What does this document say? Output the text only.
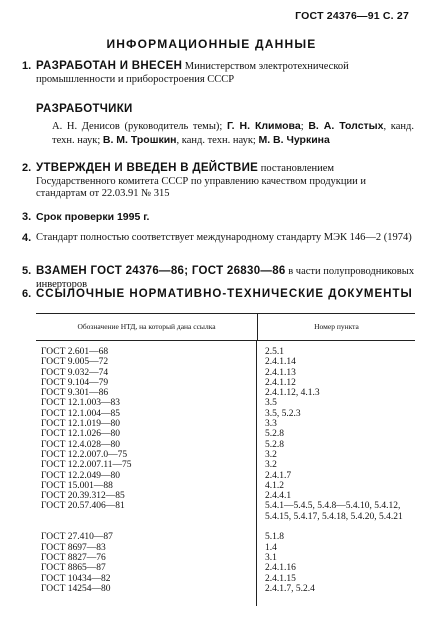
ГОСТ 24376—91 С. 27
ИНФОРМАЦИОННЫЕ ДАННЫЕ
1. РАЗРАБОТАН И ВНЕСЕН Министерством электротехнической промышленности и приборостроения СССР
РАЗРАБОТЧИКИ
А. Н. Денисов (руководитель темы); Г. Н. Климова; В. А. Толстых, канд. техн. наук; В. М. Трошкин, канд. техн. наук; М. В. Чуркина
2. УТВЕРЖДЕН И ВВЕДЕН В ДЕЙСТВИЕ постановлением Государственного комитета СССР по управлению качеством продукции и стандартам от 22.03.91 № 315
3. Срок проверки 1995 г.
4. Стандарт полностью соответствует международному стандарту МЭК 146—2 (1974)
5. ВЗАМЕН ГОСТ 24376—86; ГОСТ 26830—86 в части полупроводниковых инверторов
6. ССЫЛОЧНЫЕ НОРМАТИВНО-ТЕХНИЧЕСКИЕ ДОКУМЕНТЫ
Обозначение НТД, на который дана ссылка	Номер пункта
ГОСТ 2.601—68
ГОСТ 9.005—72
ГОСТ 9.032—74
ГОСТ 9.104—79
ГОСТ 9.301—86
ГОСТ 12.1.003—83
ГОСТ 12.1.004—85
ГОСТ 12.1.019—80
ГОСТ 12.1.026—80
ГОСТ 12.4.028—80
ГОСТ 12.2.007.0—75
ГОСТ 12.2.007.11—75
ГОСТ 12.2.049—80
ГОСТ 15.001—88
ГОСТ 20.39.312—85
ГОСТ 20.57.406—81
ГОСТ 27.410—87
ГОСТ 8697—83
ГОСТ 8827—76
ГОСТ 8865—87
ГОСТ 10434—82
ГОСТ 14254—80
2.5.1
2.4.1.14
2.4.1.13
2.4.1.12
2.4.1.12, 4.1.3
3.5
3.5, 5.2.3
3.3
5.2.8
5.2.8
3.2
3.2
2.4.1.7
4.1.2
2.4.4.1
5.4.1—5.4.5, 5.4.8—5.4.10, 5.4.12, 5.4.15, 5.4.17, 5.4.18, 5.4.20, 5.4.21
5.1.8
1.4
3.1
2.4.1.16
2.4.1.15
2.4.1.7, 5.2.4
